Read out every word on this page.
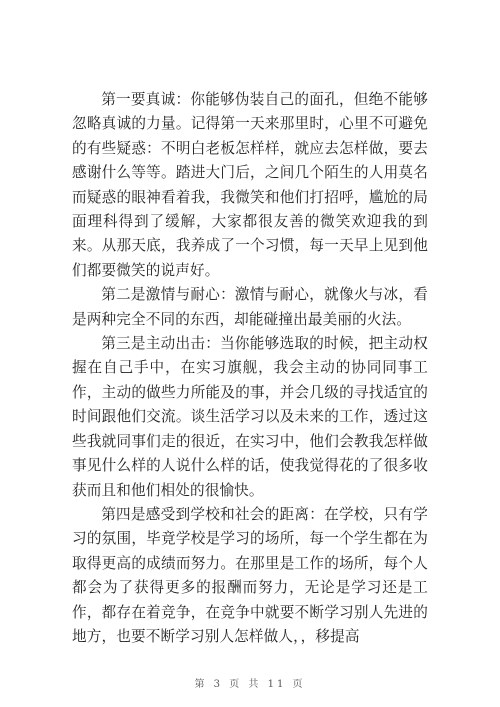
第一要真诚：你能够伪装自己的面孔，但绝不能够忽略真诚的力量。记得第一天来那里时，心里不可避免的有些疑惑：不明白老板怎样样，就应去怎样做，要去感谢什么等等。踏进大门后，之间几个陌生的人用莫名而疑惑的眼神看着我，我微笑和他们打招呼，尴尬的局面理科得到了缓解，大家都很友善的微笑欢迎我的到来。从那天底，我养成了一个习惯，每一天早上见到他们都要微笑的说声好。

第二是激情与耐心：激情与耐心，就像火与冰，看是两种完全不同的东西，却能碰撞出最美丽的火法。

第三是主动出击：当你能够选取的时候，把主动权握在自己手中，在实习旗舰，我会主动的协同同事工作，主动的做些力所能及的事，并会几级的寻找适宜的时间跟他们交流。谈生活学习以及未来的工作，透过这些我就同事们走的很近，在实习中，他们会教我怎样做事见什么样的人说什么样的话，使我觉得花的了很多收获而且和他们相处的很愉快。

第四是感受到学校和社会的距离：在学校，只有学习的氛围，毕竟学校是学习的场所，每一个学生都在为取得更高的成绩而努力。在那里是工作的场所，每个人都会为了获得更多的报酬而努力，无论是学习还是工作，都存在着竞争，在竞争中就要不断学习别人先进的地方，也要不断学习别人怎样做人，，移提高

第 3 页 共 11 页
